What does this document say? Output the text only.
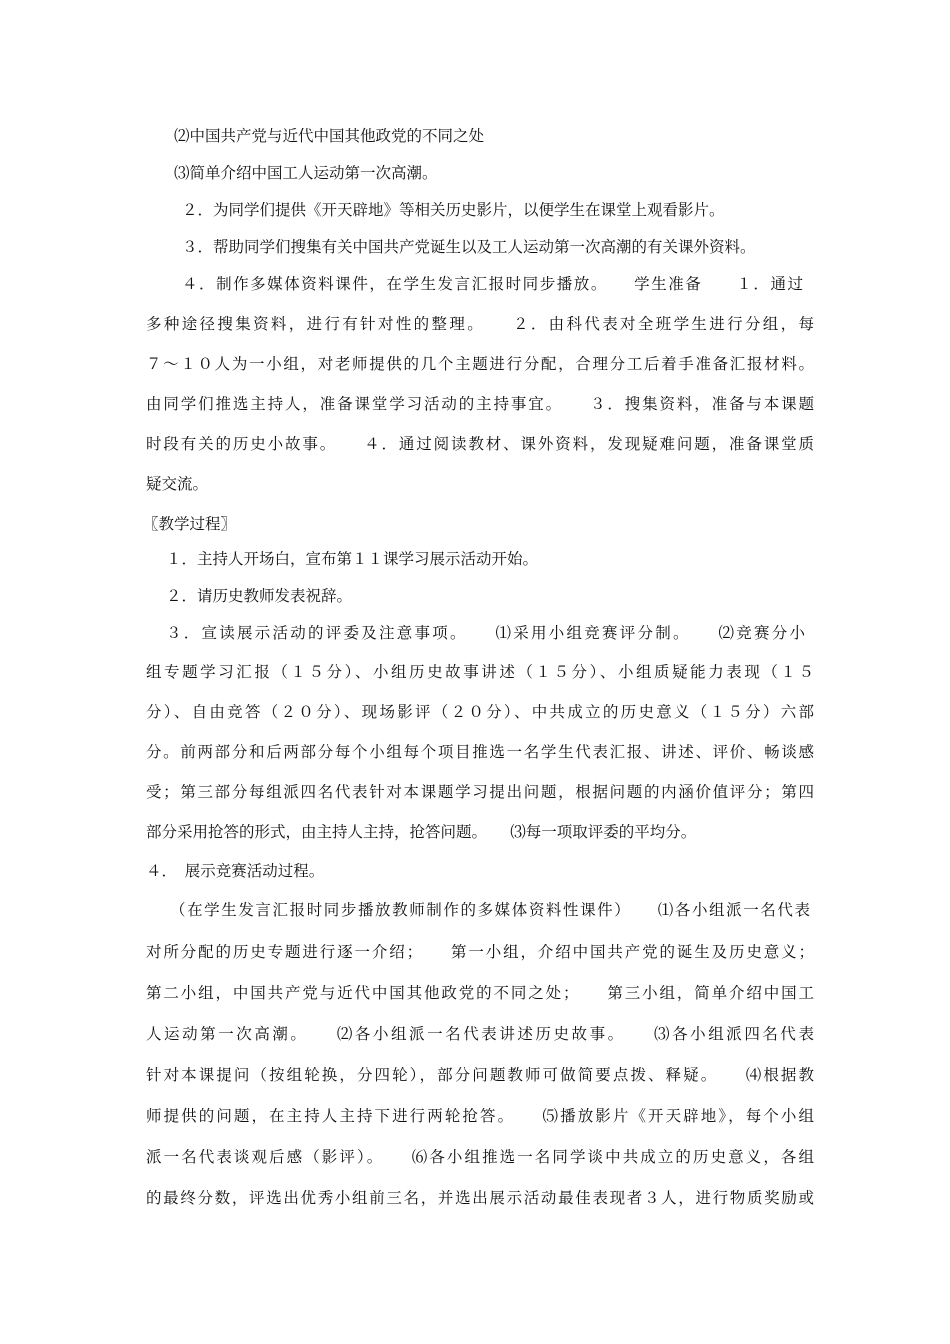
⑵中国共产党与近代中国其他政党的不同之处
⑶简单介绍中国工人运动第一次高潮。
２．为同学们提供《开天辟地》等相关历史影片，以便学生在课堂上观看影片。
３．帮助同学们搜集有关中国共产党诞生以及工人运动第一次高潮的有关课外资料。
４．制作多媒体资料课件，在学生发言汇报时同步播放。　　学生准备　　１．通过
多种途径搜集资料，进行有针对性的整理。　　２．由科代表对全班学生进行分组，每
７～１０人为一小组，对老师提供的几个主题进行分配，合理分工后着手准备汇报材料。
由同学们推选主持人，准备课堂学习活动的主持事宜。　　３．搜集资料，准备与本课题
时段有关的历史小故事。　　４．通过阅读教材、课外资料，发现疑难问题，准备课堂质
疑交流。
〖教学过程〗
１．主持人开场白，宣布第１１课学习展示活动开始。
２．请历史教师发表祝辞。
３．宣读展示活动的评委及注意事项。　　⑴采用小组竞赛评分制。　　⑵竞赛分小
组专题学习汇报（１５分）、小组历史故事讲述（１５分）、小组质疑能力表现（１５
分）、自由竞答（２０分）、现场影评（２０分）、中共成立的历史意义（１５分）六部
分。前两部分和后两部分每个小组每个项目推选一名学生代表汇报、讲述、评价、畅谈感
受；第三部分每组派四名代表针对本课题学习提出问题，根据问题的内涵价值评分；第四
部分采用抢答的形式，由主持人主持，抢答问题。　　⑶每一项取评委的平均分。
４．　展示竞赛活动过程。
（在学生发言汇报时同步播放教师制作的多媒体资料性课件）　　⑴各小组派一名代表
对所分配的历史专题进行逐一介绍；　　第一小组，介绍中国共产党的诞生及历史意义；
第二小组，中国共产党与近代中国其他政党的不同之处；　　第三小组，简单介绍中国工
人运动第一次高潮。　　⑵各小组派一名代表讲述历史故事。　　⑶各小组派四名代表
针对本课提问（按组轮换，分四轮），部分问题教师可做简要点拨、释疑。　　⑷根据教
师提供的问题，在主持人主持下进行两轮抢答。　　⑸播放影片《开天辟地》，每个小组
派一名代表谈观后感（影评）。　　⑹各小组推选一名同学谈中共成立的历史意义，各组
的最终分数，评选出优秀小组前三名，并选出展示活动最佳表现者３人，进行物质奖励或
